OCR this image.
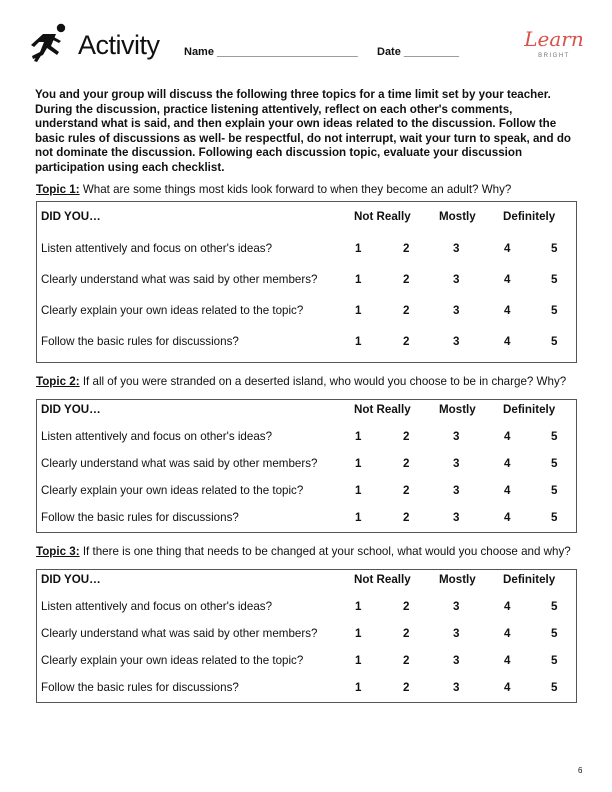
Activity Name _______________________ Date _________
Learn
BRIGHT
You and your group will discuss the following three topics for a time limit set by your teacher. During the discussion, practice listening attentively, reflect on each other's comments, understand what is said, and then explain your own ideas related to the discussion. Follow the basic rules of discussions as well- be respectful, do not interrupt, wait your turn to speak, and do not dominate the discussion. Following each discussion topic, evaluate your discussion participation using each checklist.
Topic 1: What are some things most kids look forward to when they become an adult? Why?
DID YOU…	Not Really Mostly Definitely
Listen attentively and focus on other's ideas?	1	2	3	4	5
Clearly understand what was said by other members?	1	2	3	4	5
Clearly explain your own ideas related to the topic?	1	2	3	4	5
Follow the basic rules for discussions?	1	2	3	4	5
Topic 2: If all of you were stranded on a deserted island, who would you choose to be in charge? Why?
DID YOU…	Not Really Mostly Definitely
Listen attentively and focus on other's ideas?	1	2	3	4	5
Clearly understand what was said by other members?	1	2	3	4	5
Clearly explain your own ideas related to the topic?	1	2	3	4	5
Follow the basic rules for discussions?	1	2	3	4	5
Topic 3: If there is one thing that needs to be changed at your school, what would you choose and why?
DID YOU…	Not Really Mostly Definitely
Listen attentively and focus on other's ideas?	1	2	3	4	5
Clearly understand what was said by other members?	1	2	3	4	5
Clearly explain your own ideas related to the topic?	1	2	3	4	5
Follow the basic rules for discussions?	1	2	3	4	5
6
